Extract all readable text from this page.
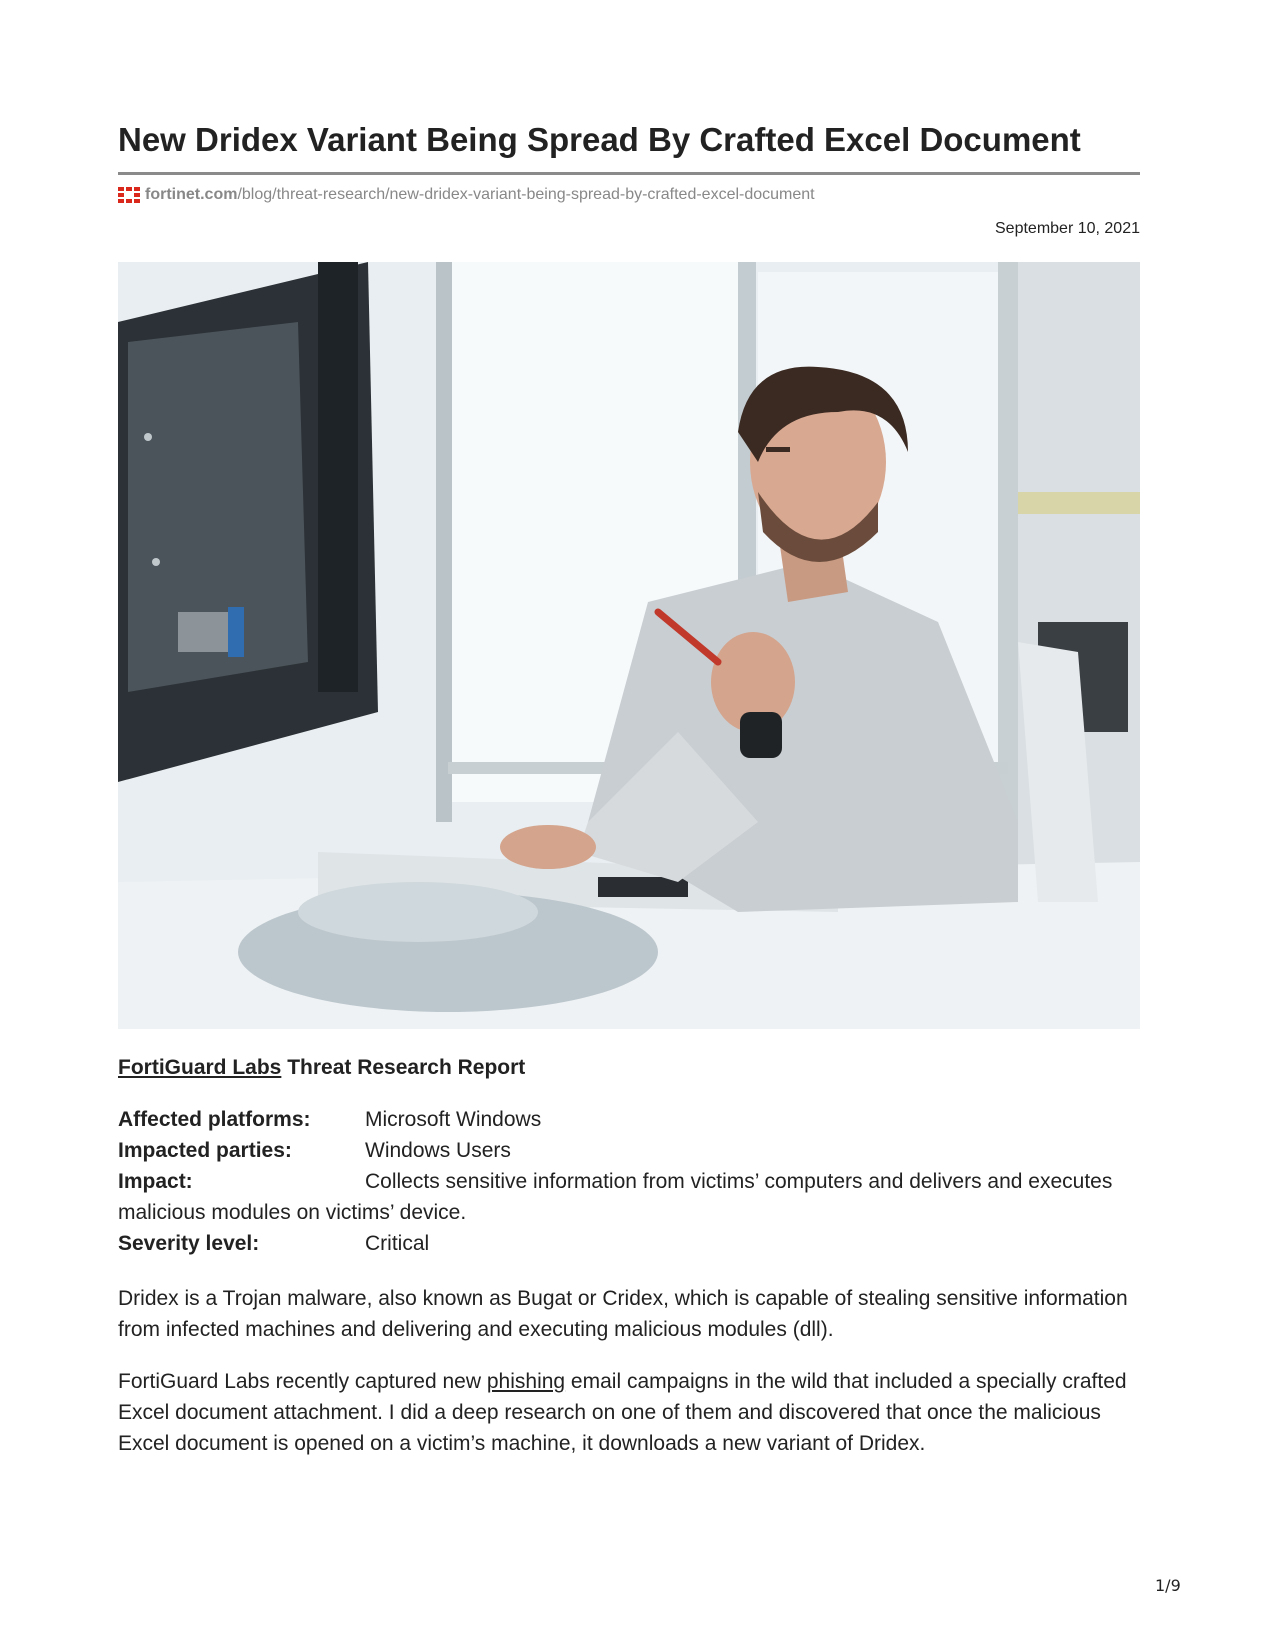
New Dridex Variant Being Spread By Crafted Excel Document
fortinet.com /blog/threat-research/new-dridex-variant-being-spread-by-crafted-excel-document
September 10, 2021
FortiGuard Labs Threat Research Report
Affected platforms:	Microsoft Windows
Impacted parties:	Windows Users
Impact:	Collects sensitive information from victims’ computers and delivers and executes malicious modules on victims’ device.
Severity level:	Critical
Dridex is a Trojan malware, also known as Bugat or Cridex, which is capable of stealing sensitive information from infected machines and delivering and executing malicious modules (dll).
FortiGuard Labs recently captured new phishing email campaigns in the wild that included a specially crafted Excel document attachment. I did a deep research on one of them and discovered that once the malicious Excel document is opened on a victim’s machine, it downloads a new variant of Dridex.
1/9
